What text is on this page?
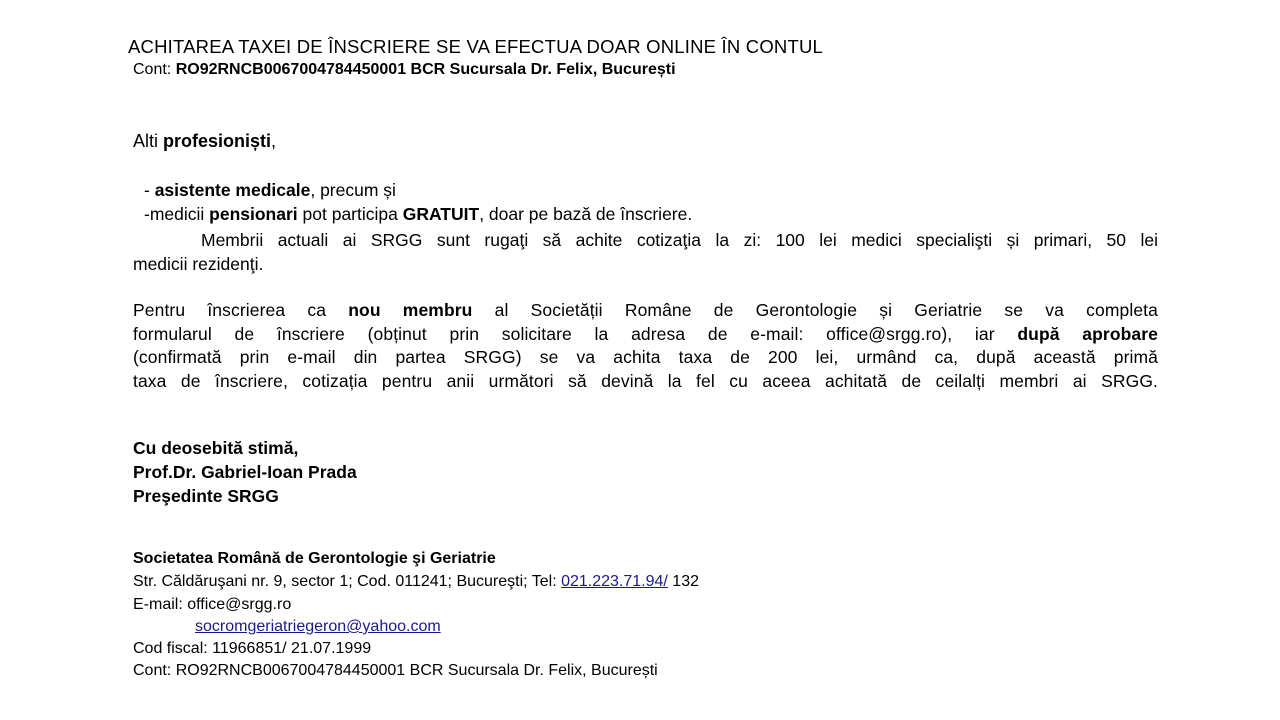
ACHITAREA TAXEI DE ÎNSCRIERE SE VA EFECTUA DOAR ONLINE ÎN CONTUL
Cont: RO92RNCB0067004784450001 BCR Sucursala Dr. Felix, București
Alti profesioniști,
- asistente medicale, precum și
-medicii pensionari pot participa GRATUIT, doar pe bază de înscriere.
Membrii actuali ai SRGG sunt rugaţi să achite cotizaţia la zi: 100 lei medici specialişti și primari, 50 lei
medicii rezidenţi.
Pentru înscrierea ca nou membru al Societății Române de Gerontologie și Geriatrie se va completa
formularul de înscriere (obținut prin solicitare la adresa de e-mail: office@srgg.ro), iar după aprobare
(confirmată prin e-mail din partea SRGG) se va achita taxa de 200 lei, urmând ca, după această primă
taxa de înscriere, cotizația pentru anii următori să devină la fel cu aceea achitată de ceilalți membri ai SRGG.
Cu deosebită stimă,
Prof.Dr. Gabriel-Ioan Prada
Preşedinte SRGG
Societatea Română de Gerontologie şi Geriatrie
Str. Căldăruşani nr. 9, sector 1; Cod. 011241; Bucureşti; Tel: 021.223.71.94/ 132
E-mail: office@srgg.ro
socromgeriatriegeron@yahoo.com
Cod fiscal: 11966851/ 21.07.1999
Cont: RO92RNCB0067004784450001 BCR Sucursala Dr. Felix, București
